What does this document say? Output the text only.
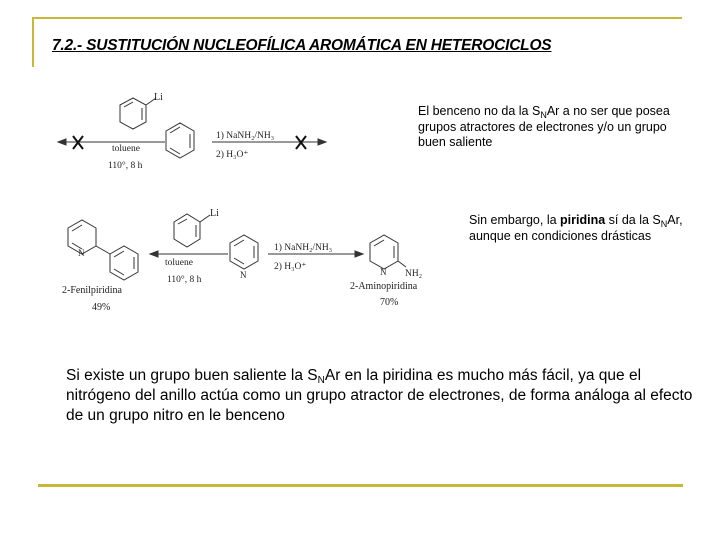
7.2.- SUSTITUCIÓN NUCLEOFÍLICA AROMÁTICA EN HETEROCICLOS
Li
toluene
110°, 8 h
1) NaNH₂/NH₃
2) H₃O⁺
Li
toluene
110°, 8 h
1) NaNH₂/NH₃
2) H₃O⁺
N
N	N NH₂
2-Fenilpiridina
49%
2-Aminopiridina
70%
El benceno no da la $S_NAr$ a no ser que posea grupos atractores de electrones y/o un grupo buen saliente
Sin embargo, la piridina sí da la $S_NAr$, aunque en condiciones drásticas
Si existe un grupo buen saliente la $S_NAr$ en la piridina es mucho más fácil, ya que el nitrógeno del anillo actúa como un grupo atractor de electrones, de forma análoga al efecto de un grupo nitro en le benceno
